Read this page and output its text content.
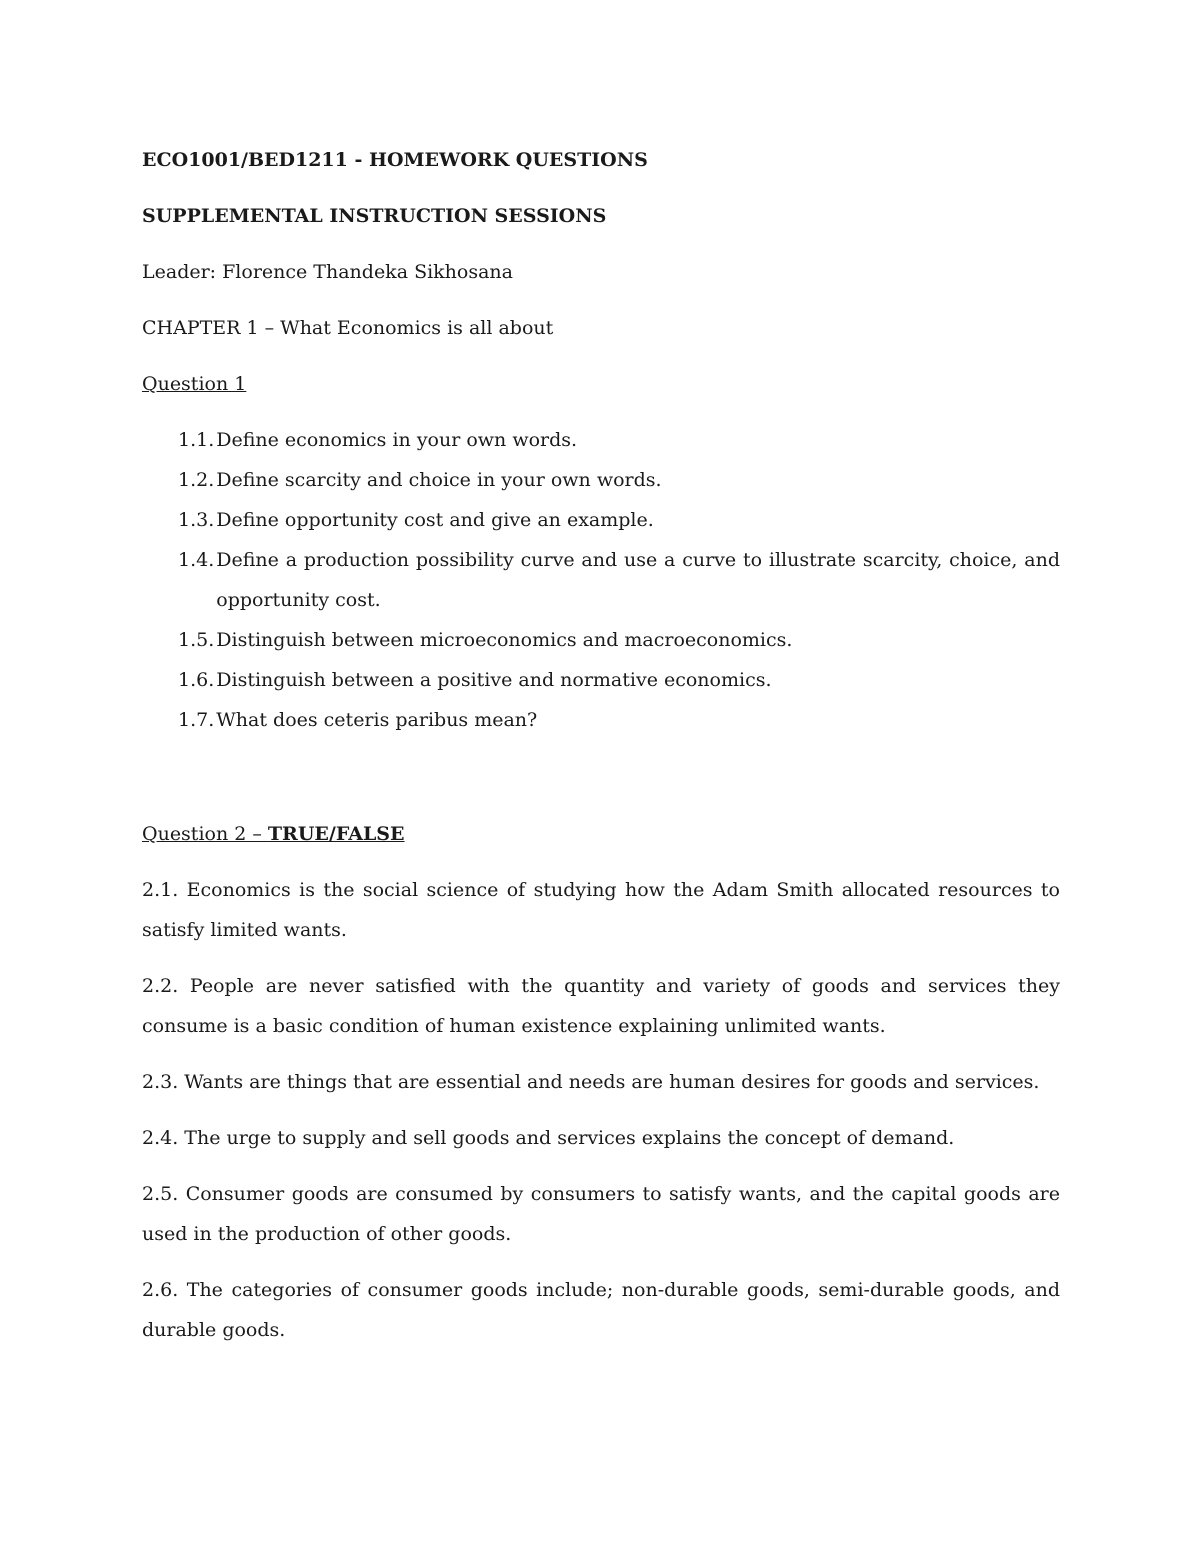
ECO1001/BED1211 - HOMEWORK QUESTIONS
SUPPLEMENTAL INSTRUCTION SESSIONS
Leader: Florence Thandeka Sikhosana
CHAPTER 1 – What Economics is all about
Question 1
1.1. Define economics in your own words.
1.2. Define scarcity and choice in your own words.
1.3. Define opportunity cost and give an example.
1.4. Define a production possibility curve and use a curve to illustrate scarcity, choice, and opportunity cost.
1.5. Distinguish between microeconomics and macroeconomics.
1.6. Distinguish between a positive and normative economics.
1.7. What does ceteris paribus mean?
Question 2 – TRUE/FALSE
2.1. Economics is the social science of studying how the Adam Smith allocated resources to satisfy limited wants.
2.2. People are never satisfied with the quantity and variety of goods and services they consume is a basic condition of human existence explaining unlimited wants.
2.3. Wants are things that are essential and needs are human desires for goods and services.
2.4. The urge to supply and sell goods and services explains the concept of demand.
2.5. Consumer goods are consumed by consumers to satisfy wants, and the capital goods are used in the production of other goods.
2.6. The categories of consumer goods include; non-durable goods, semi-durable goods, and durable goods.
